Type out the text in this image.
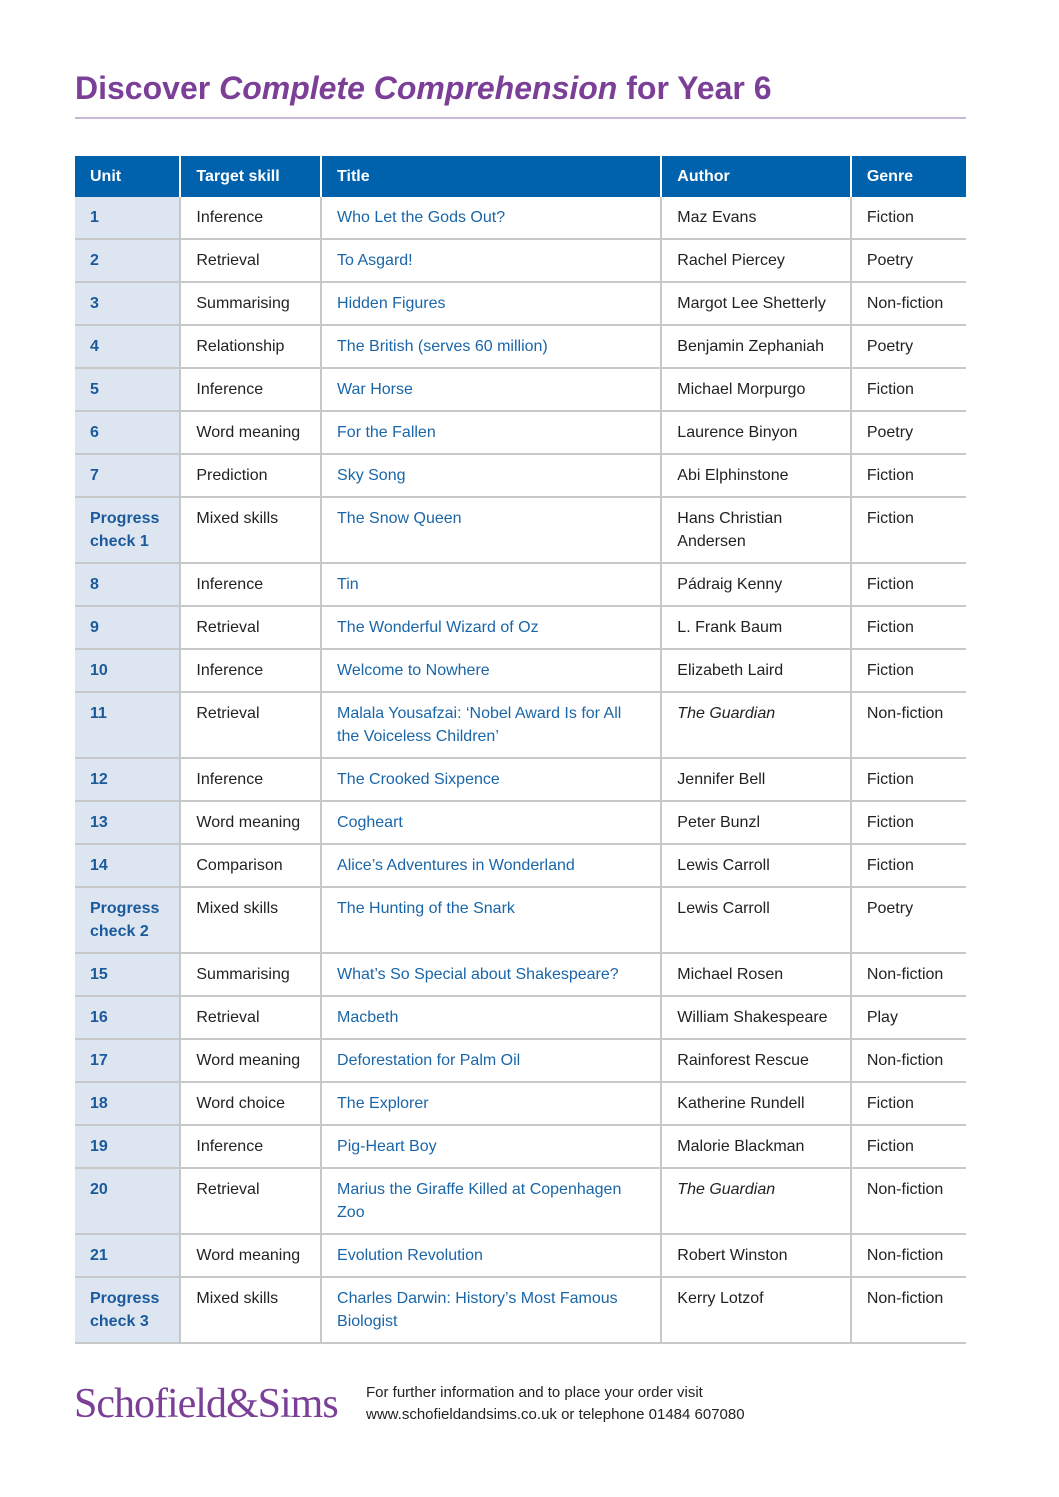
Discover Complete Comprehension for Year 6
Unit	Target skill	Title	Author	Genre
1	Inference	Who Let the Gods Out?	Maz Evans	Fiction
2	Retrieval	To Asgard!	Rachel Piercey	Poetry
3	Summarising	Hidden Figures	Margot Lee Shetterly	Non-fiction
4	Relationship	The British (serves 60 million)	Benjamin Zephaniah	Poetry
5	Inference	War Horse	Michael Morpurgo	Fiction
6	Word meaning	For the Fallen	Laurence Binyon	Poetry
7	Prediction	Sky Song	Abi Elphinstone	Fiction
Progress check 1	Mixed skills	The Snow Queen	Hans Christian Andersen	Fiction
8	Inference	Tin	Pádraig Kenny	Fiction
9	Retrieval	The Wonderful Wizard of Oz	L. Frank Baum	Fiction
10	Inference	Welcome to Nowhere	Elizabeth Laird	Fiction
11	Retrieval	Malala Yousafzai: ‘Nobel Award Is for All the Voiceless Children’	The Guardian	Non-fiction
12	Inference	The Crooked Sixpence	Jennifer Bell	Fiction
13	Word meaning	Cogheart	Peter Bunzl	Fiction
14	Comparison	Alice’s Adventures in Wonderland	Lewis Carroll	Fiction
Progress check 2	Mixed skills	The Hunting of the Snark	Lewis Carroll	Poetry
15	Summarising	What’s So Special about Shakespeare?	Michael Rosen	Non-fiction
16	Retrieval	Macbeth	William Shakespeare	Play
17	Word meaning	Deforestation for Palm Oil	Rainforest Rescue	Non-fiction
18	Word choice	The Explorer	Katherine Rundell	Fiction
19	Inference	Pig-Heart Boy	Malorie Blackman	Fiction
20	Retrieval	Marius the Giraffe Killed at Copenhagen Zoo	The Guardian	Non-fiction
21	Word meaning	Evolution Revolution	Robert Winston	Non-fiction
Progress check 3	Mixed skills	Charles Darwin: History’s Most Famous Biologist	Kerry Lotzof	Non-fiction
Schofield&Sims For further information and to place your order visit
www.schofieldandsims.co.uk or telephone 01484 607080
